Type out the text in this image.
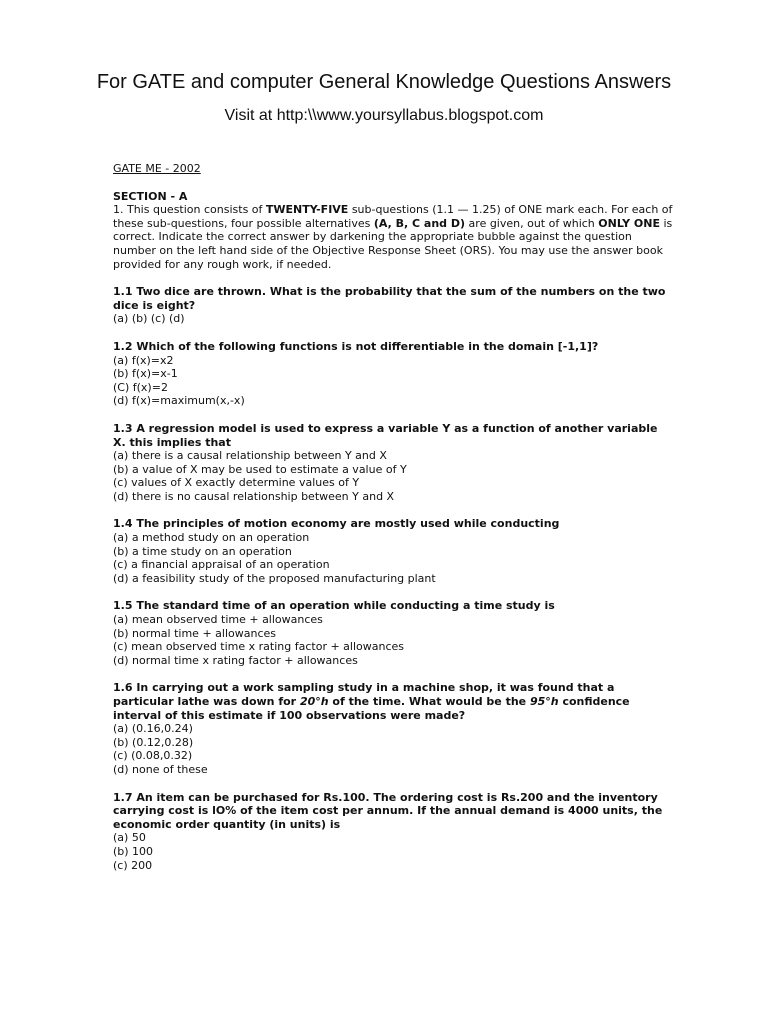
For GATE and computer General Knowledge Questions Answers
Visit at http:\\www.yoursyllabus.blogspot.com
GATE ME - 2002
SECTION - A
1. This question consists of TWENTY-FIVE sub-questions (1.1 — 1.25) of ONE mark each. For each of these sub-questions, four possible alternatives (A, B, C and D) are given, out of which ONLY ONE is correct. Indicate the correct answer by darkening the appropriate bubble against the question number on the left hand side of the Objective Response Sheet (ORS). You may use the answer book provided for any rough work, if needed.
1.1 Two dice are thrown. What is the probability that the sum of the numbers on the two dice is eight?
(a) (b) (c) (d)
1.2 Which of the following functions is not differentiable in the domain [-1,1]?
(a) f(x)=x2
(b) f(x)=x-1
(C) f(x)=2
(d) f(x)=maximum(x,-x)
1.3 A regression model is used to express a variable Y as a function of another variable X. this implies that
(a) there is a causal relationship between Y and X
(b) a value of X may be used to estimate a value of Y
(c) values of X exactly determine values of Y
(d) there is no causal relationship between Y and X
1.4 The principles of motion economy are mostly used while conducting
(a) a method study on an operation
(b) a time study on an operation
(c) a financial appraisal of an operation
(d) a feasibility study of the proposed manufacturing plant
1.5 The standard time of an operation while conducting a time study is
(a) mean observed time + allowances
(b) normal time + allowances
(c) mean observed time x rating factor + allowances
(d) normal time x rating factor + allowances
1.6 In carrying out a work sampling study in a machine shop, it was found that a particular lathe was down for 20°h of the time. What would be the 95°h confidence interval of this estimate if 100 observations were made?
(a) (0.16,0.24)
(b) (0.12,0.28)
(c) (0.08,0.32)
(d) none of these
1.7 An item can be purchased for Rs.100. The ordering cost is Rs.200 and the inventory carrying cost is lO% of the item cost per annum. If the annual demand is 4000 units, the economic order quantity (in units) is
(a) 50
(b) 100
(c) 200
